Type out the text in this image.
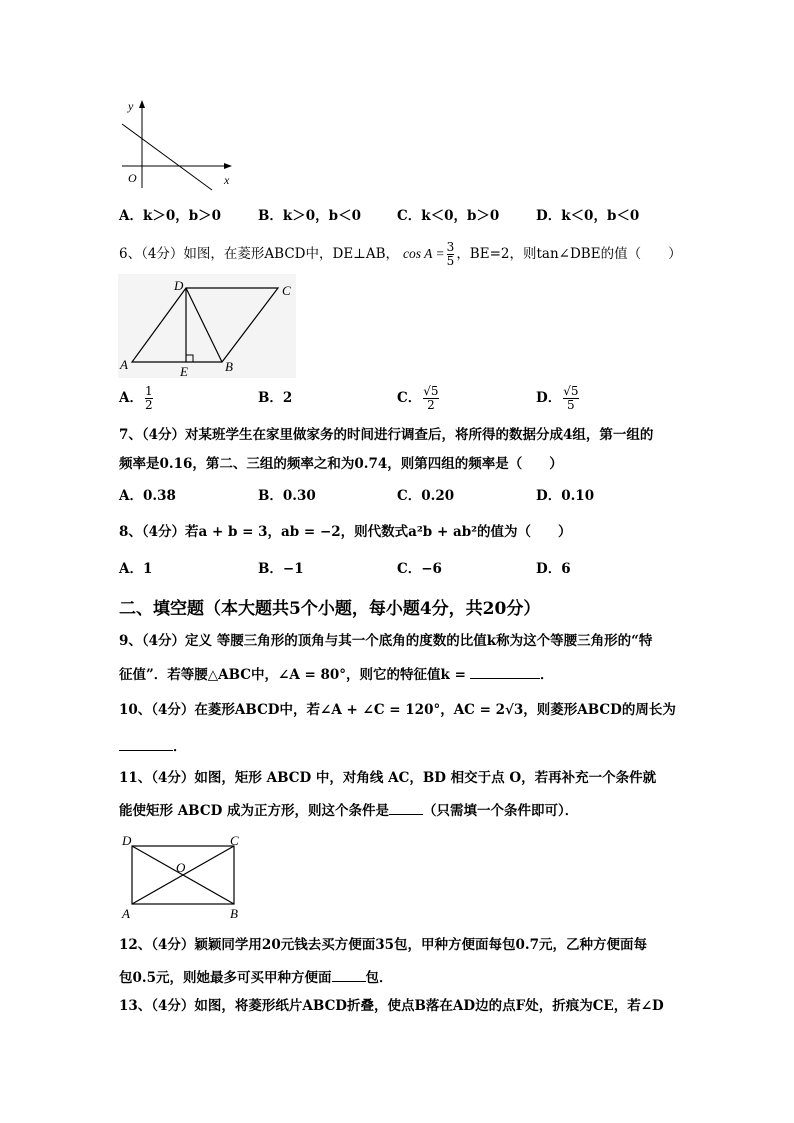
y
x
O
A．k＞0，b＞0	B．k＞0，b＜0	C．k＜0，b＞0	D．k＜0，b＜0
6、（4分）如图，在菱形ABCD中，DE⊥AB， $\cos A = \frac{3}{5}$ ，BE=2，则tan∠DBE的值（　　）
D	C
A	E	B
A． $\frac{1}{2}$	B．2	C． $\frac{√5}{2}$	D． $\frac{√5}{5}$
7、（4分）对某班学生在家里做家务的时间进行调查后，将所得的数据分成4组，第一组的
频率是0.16，第二、三组的频率之和为0.74，则第四组的频率是（　　）
A．0.38	B．0.30	C．0.20	D．0.10
8、（4分）若a + b = 3，ab = −2，则代数式a²b + ab²的值为（　　）
A．1	B．−1	C．−6	D．6
二、填空题（本大题共5个小题，每小题4分，共20分）
9、（4分）定义 等腰三角形的顶角与其一个底角的度数的比值k称为这个等腰三角形的“特
征值”．若等腰△ABC中，∠A = 80°，则它的特征值k =	．
10、（4分）在菱形ABCD中，若∠A + ∠C = 120°，AC = 2√3，则菱形ABCD的周长为
．
11、（4分）如图，矩形 ABCD 中，对角线 AC，BD 相交于点 O，若再补充一个条件就
能使矩形 ABCD 成为正方形，则这个条件是	（只需填一个条件即可）．
D	C
O
A	B
12、（4分）颖颖同学用20元钱去买方便面35包，甲种方便面每包0.7元，乙种方便面每
包0.5元，则她最多可买甲种方便面	包．
13、（4分）如图，将菱形纸片ABCD折叠，使点B落在AD边的点F处，折痕为CE，若∠D
